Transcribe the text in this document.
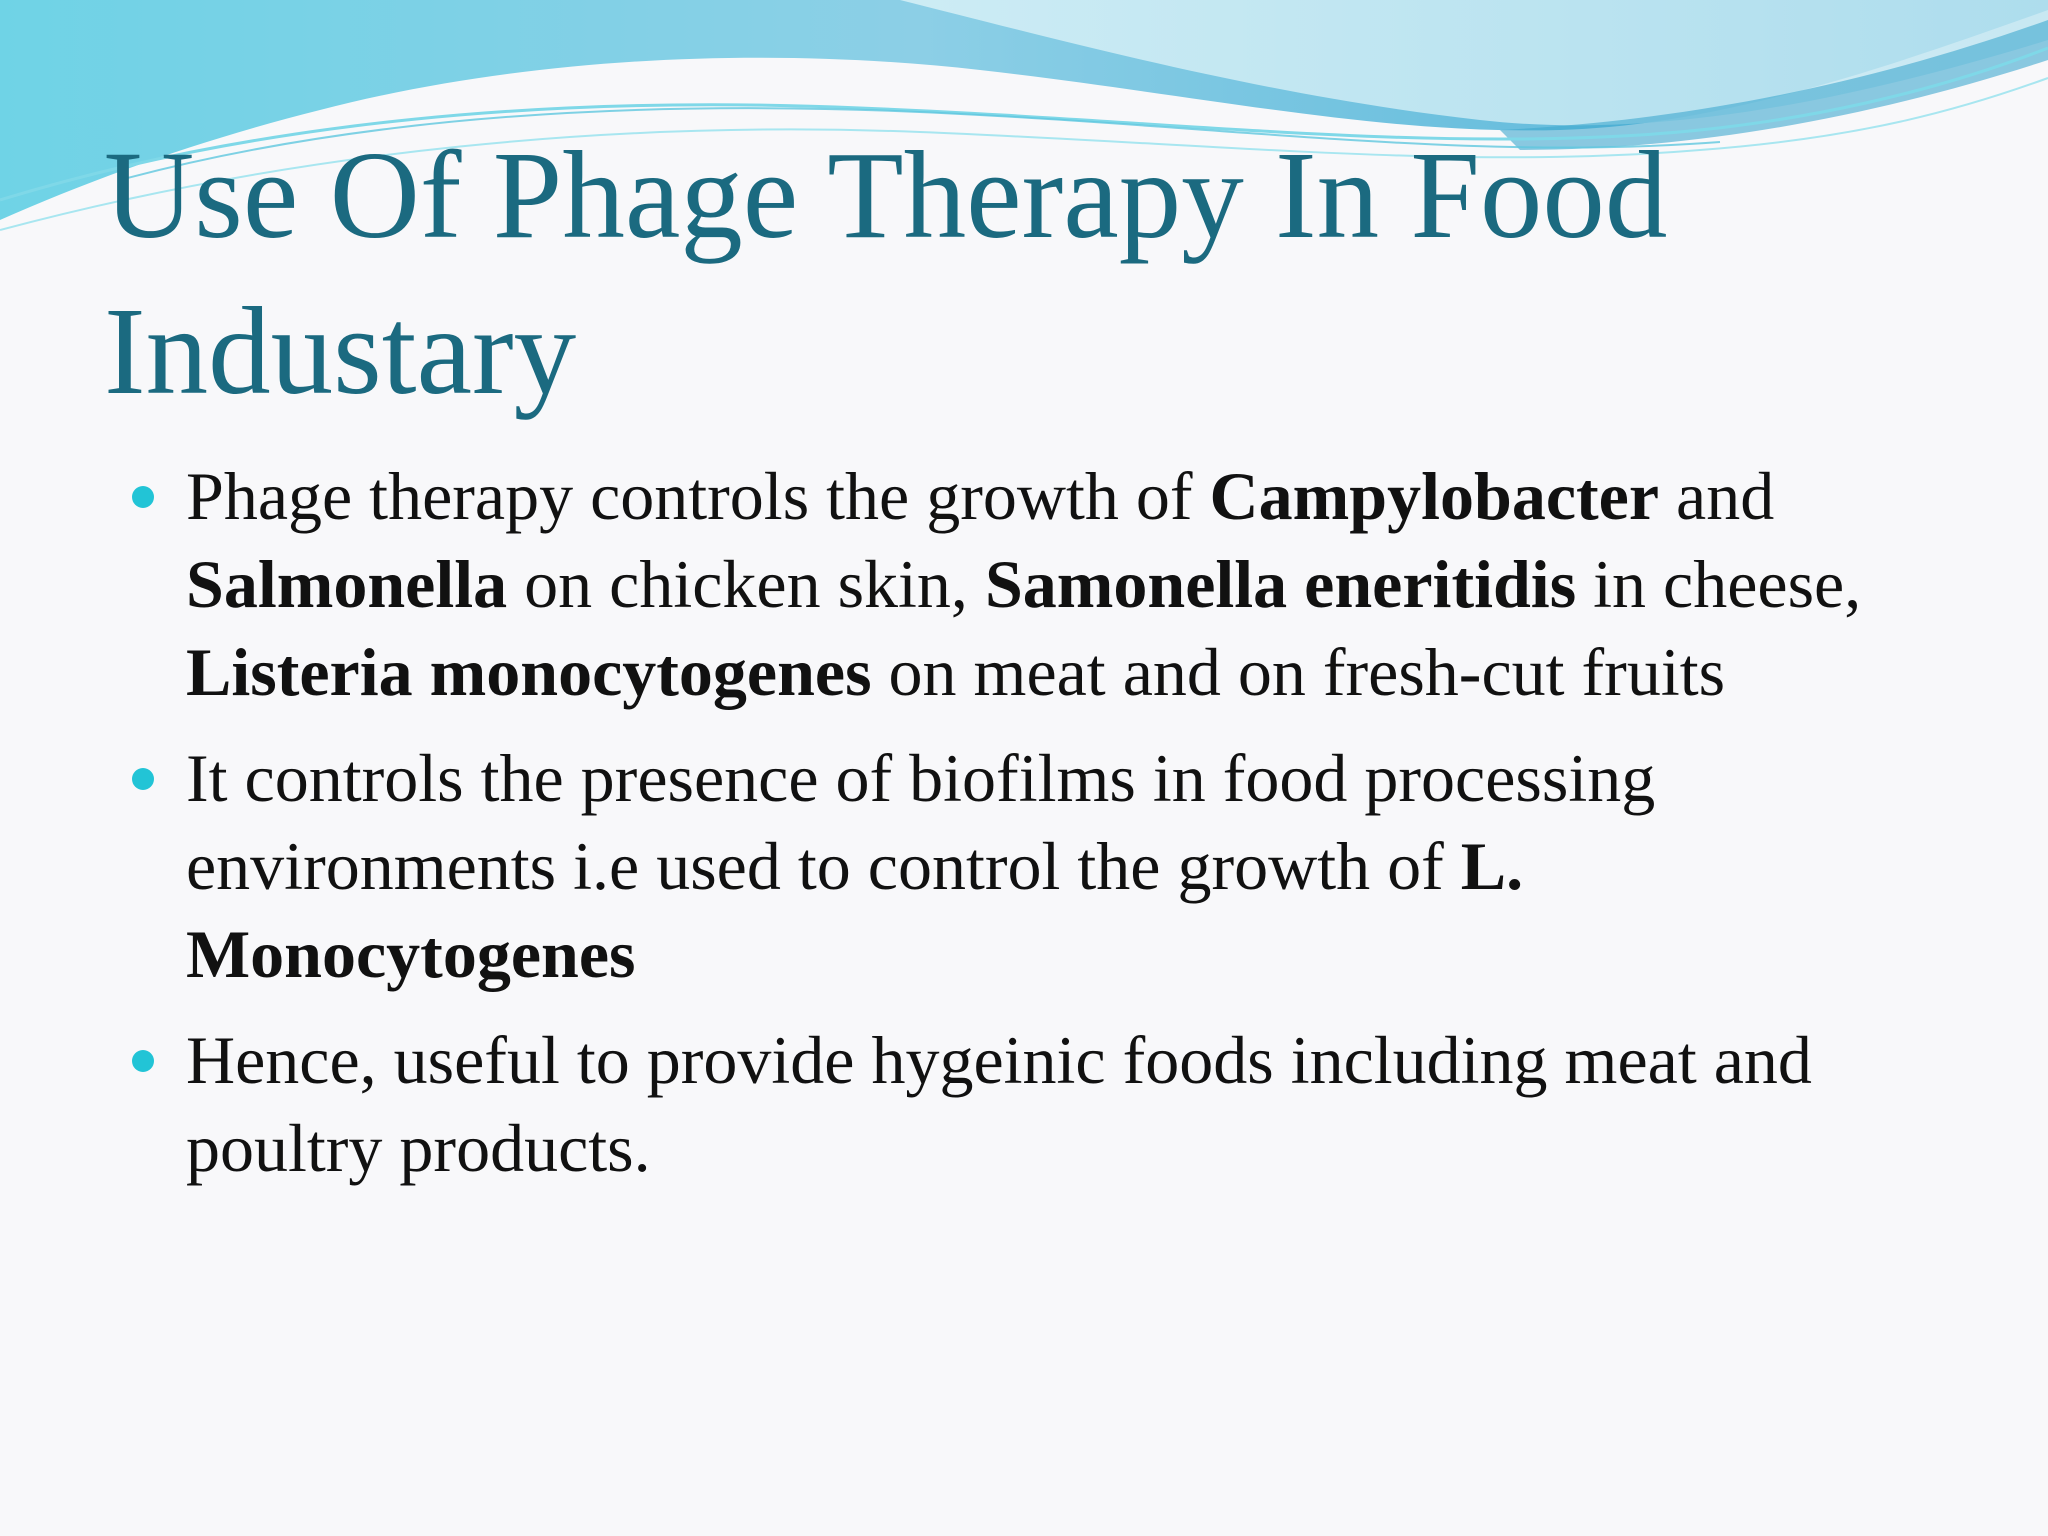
Use Of Phage Therapy In Food Industary
Phage therapy controls the growth of Campylobacter and Salmonella on chicken skin, Samonella eneritidis in cheese, Listeria monocytogenes on meat and on fresh-cut fruits
It controls the presence of biofilms in food processing environments i.e used to control the growth of L. Monocytogenes
Hence, useful to provide hygeinic foods including meat and poultry products.
